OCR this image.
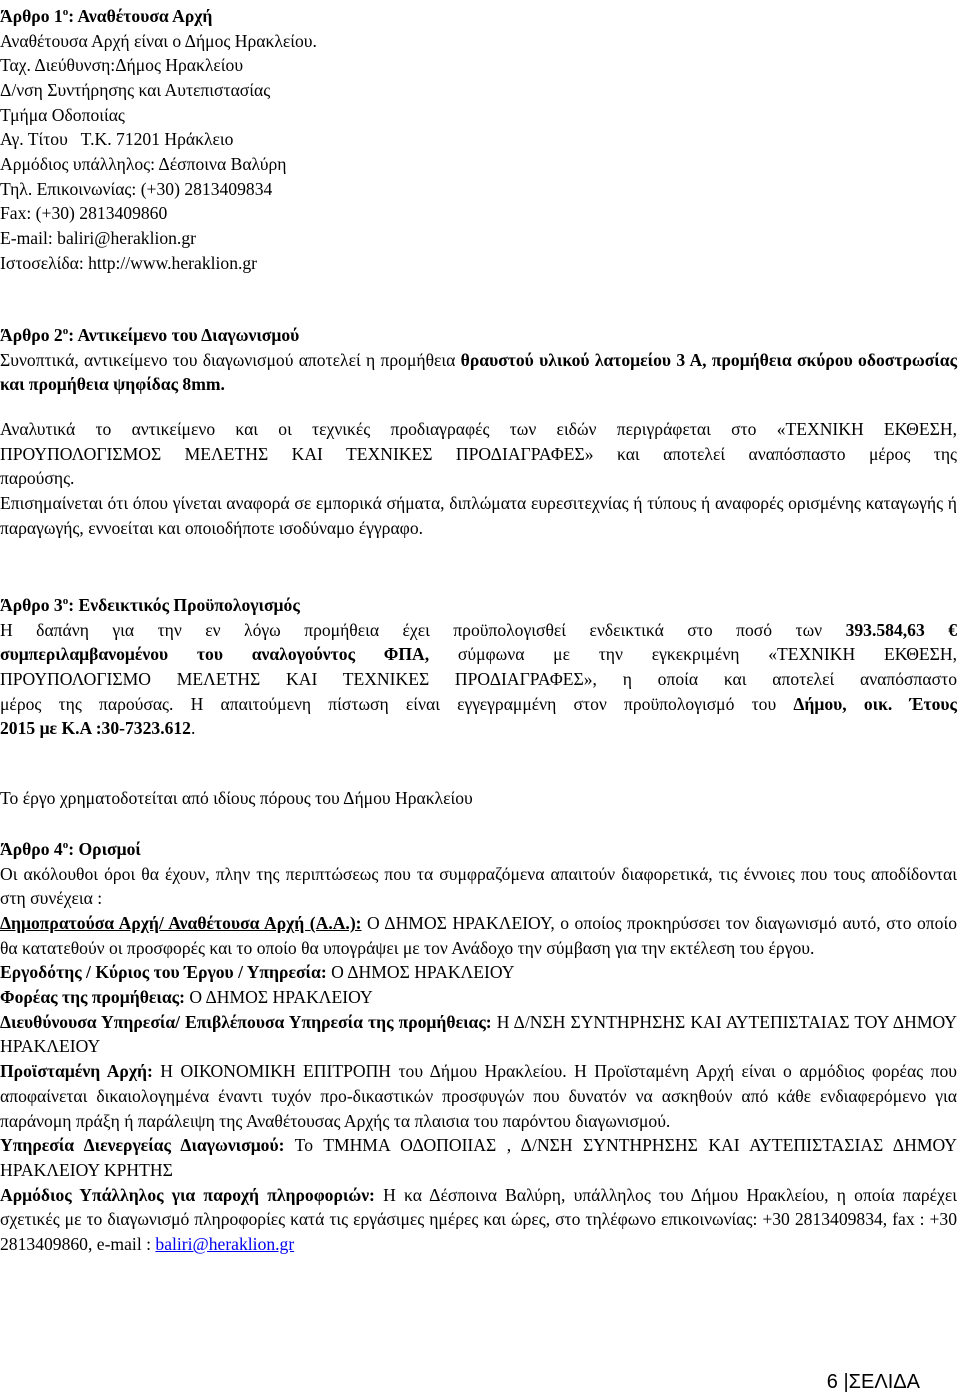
Άρθρο $1^o$: Αναθέτουσα Αρχή

Αναθέτουσα Αρχή είναι ο Δήμος Ηρακλείου.

Ταχ. Διεύθυνση:Δήμος Ηρακλείου

Δ/νση Συντήρησης και Αυτεπιστασίας

Τμήμα Οδοποιίας

Αγ. Τίτου   Τ.Κ. 71201 Ηράκλειο

Αρμόδιος υπάλληλος: Δέσποινα Βαλύρη

Τηλ. Επικοινωνίας: (+30) 2813409834

Fax: (+30) 2813409860

E-mail: baliri@heraklion.gr

Ιστοσελίδα: http://www.heraklion.gr

Άρθρο $2^o$: Αντικείμενο του Διαγωνισμού

Συνοπτικά, αντικείμενο του διαγωνισμού αποτελεί η προμήθεια θραυστού υλικού λατομείου 3 Α, προμήθεια σκύρου οδοστρωσίας και προμήθεια ψηφίδας 8mm.

Αναλυτικά το αντικείμενο και οι τεχνικές προδιαγραφές των ειδών περιγράφεται στο «ΤΕΧΝΙΚΗ ΕΚΘΕΣΗ,

ΠΡΟΥΠΟΛΟΓΙΣΜΟΣ ΜΕΛΕΤΗΣ ΚΑΙ ΤΕΧΝΙΚΕΣ ΠΡΟΔΙΑΓΡΑΦΕΣ» και αποτελεί αναπόσπαστο μέρος της

παρούσης.

Επισημαίνεται ότι όπου γίνεται αναφορά σε εμπορικά σήματα, διπλώματα ευρεσιτεχνίας ή τύπους ή αναφορές ορισμένης καταγωγής ή παραγωγής, εννοείται και οποιοδήποτε ισοδύναμο έγγραφο.

Άρθρο $3^o$: Ενδεικτικός Προϋπολογισμός

Η δαπάνη για την εν λόγω προμήθεια έχει προϋπολογισθεί ενδεικτικά στο ποσό των 393.584,63 €

συμπεριλαμβανομένου του αναλογούντος ΦΠΑ, σύμφωνα με την εγκεκριμένη «ΤΕΧΝΙΚΗ ΕΚΘΕΣΗ,

ΠΡΟΥΠΟΛΟΓΙΣΜΟ ΜΕΛΕΤΗΣ ΚΑΙ ΤΕΧΝΙΚΕΣ ΠΡΟΔΙΑΓΡΑΦΕΣ», η οποία και αποτελεί αναπόσπαστο

μέρος της παρούσας. Η απαιτούμενη πίστωση είναι εγγεγραμμένη στον προϋπολογισμό του Δήμου, οικ. Έτους

2015 με Κ.Α :30-7323.612.

Το έργο χρηματοδοτείται από ιδίους πόρους του Δήμου Ηρακλείου

Άρθρο $4^o$: Ορισμοί

Οι ακόλουθοι όροι θα έχουν, πλην της περιπτώσεως που τα συμφραζόμενα απαιτούν διαφορετικά, τις έννοιες που τους αποδίδονται στη συνέχεια :

Δημοπρατούσα Αρχή/ Αναθέτουσα Αρχή (Α.Α.): Ο ΔΗΜΟΣ ΗΡΑΚΛΕΙΟΥ, ο οποίος προκηρύσσει τον διαγωνισμό αυτό, στο οποίο θα κατατεθούν οι προσφορές και το οποίο θα υπογράψει με τον Ανάδοχο την σύμβαση για την εκτέλεση του έργου.

Εργοδότης / Κύριος του Έργου / Υπηρεσία: Ο ΔΗΜΟΣ ΗΡΑΚΛΕΙΟΥ

Φορέας της προμήθειας: Ο ΔΗΜΟΣ ΗΡΑΚΛΕΙΟΥ

Διευθύνουσα Υπηρεσία/ Επιβλέπουσα Υπηρεσία της προμήθειας: Η Δ/ΝΣΗ ΣΥΝΤΗΡΗΣΗΣ ΚΑΙ ΑΥΤΕΠΙΣΤΑΙΑΣ ΤΟΥ ΔΗΜΟΥ ΗΡΑΚΛΕΙΟΥ

Προϊσταμένη Αρχή: Η ΟΙΚΟΝΟΜΙΚΗ ΕΠΙΤΡΟΠΗ του Δήμου Ηρακλείου. Η Προϊσταμένη Αρχή είναι ο αρμόδιος φορέας που αποφαίνεται δικαιολογημένα έναντι τυχόν προ-δικαστικών προσφυγών που δυνατόν να ασκηθούν από κάθε ενδιαφερόμενο για παράνομη πράξη ή παράλειψη της Αναθέτουσας Αρχής τα πλαισια του παρόντου διαγωνισμού.

Υπηρεσία Διενεργείας Διαγωνισμού: Το ΤΜΗΜΑ ΟΔΟΠΟΙΙΑΣ , Δ/ΝΣΗ ΣΥΝΤΗΡΗΣΗΣ ΚΑΙ ΑΥΤΕΠΙΣΤΑΣΙΑΣ ΔΗΜΟΥ ΗΡΑΚΛΕΙΟΥ ΚΡΗΤΗΣ

Αρμόδιος Υπάλληλος για παροχή πληροφοριών: Η κα Δέσποινα Βαλύρη, υπάλληλος του Δήμου Ηρακλείου, η οποία παρέχει σχετικές με το διαγωνισμό πληροφορίες κατά τις εργάσιμες ημέρες και ώρες, στο τηλέφωνο επικοινωνίας: +30 2813409834, fax : +30 2813409860, e-mail : baliri@heraklion.gr

6 |ΣΕΛΙΔΑ
